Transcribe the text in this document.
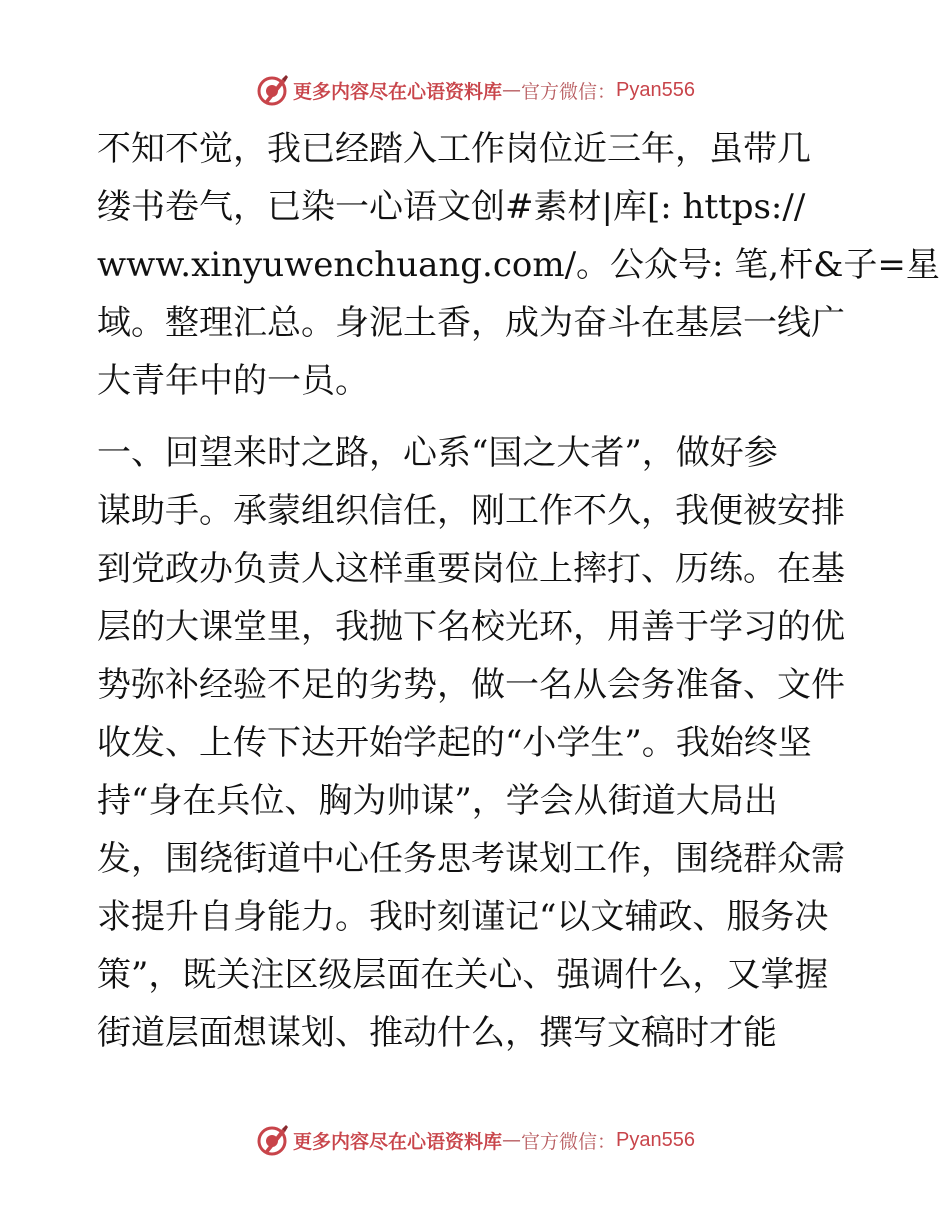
更多内容尽在心语资料库 — 官方微信 ： Pyan556
不知不觉，我已经踏入工作岗位近三年，虽带几
缕书卷气，已染一心语文创#素材|库[: https://
www.xinyuwenchuang.com/。公众号: 笔,杆&子=星
域。整理汇总。身泥土香，成为奋斗在基层一线广
大青年中的一员。
一、回望来时之路，心系“国之大者”，做好参
谋助手。承蒙组织信任，刚工作不久，我便被安排
到党政办负责人这样重要岗位上摔打、历练。在基
层的大课堂里，我抛下名校光环，用善于学习的优
势弥补经验不足的劣势，做一名从会务准备、文件
收发、上传下达开始学起的“小学生”。我始终坚
持“身在兵位、胸为帅谋”，学会从街道大局出
发，围绕街道中心任务思考谋划工作，围绕群众需
求提升自身能力。我时刻谨记“以文辅政、服务决
策”，既关注区级层面在关心、强调什么，又掌握
街道层面想谋划、推动什么，撰写文稿时才能
更多内容尽在心语资料库 — 官方微信 ： Pyan556
